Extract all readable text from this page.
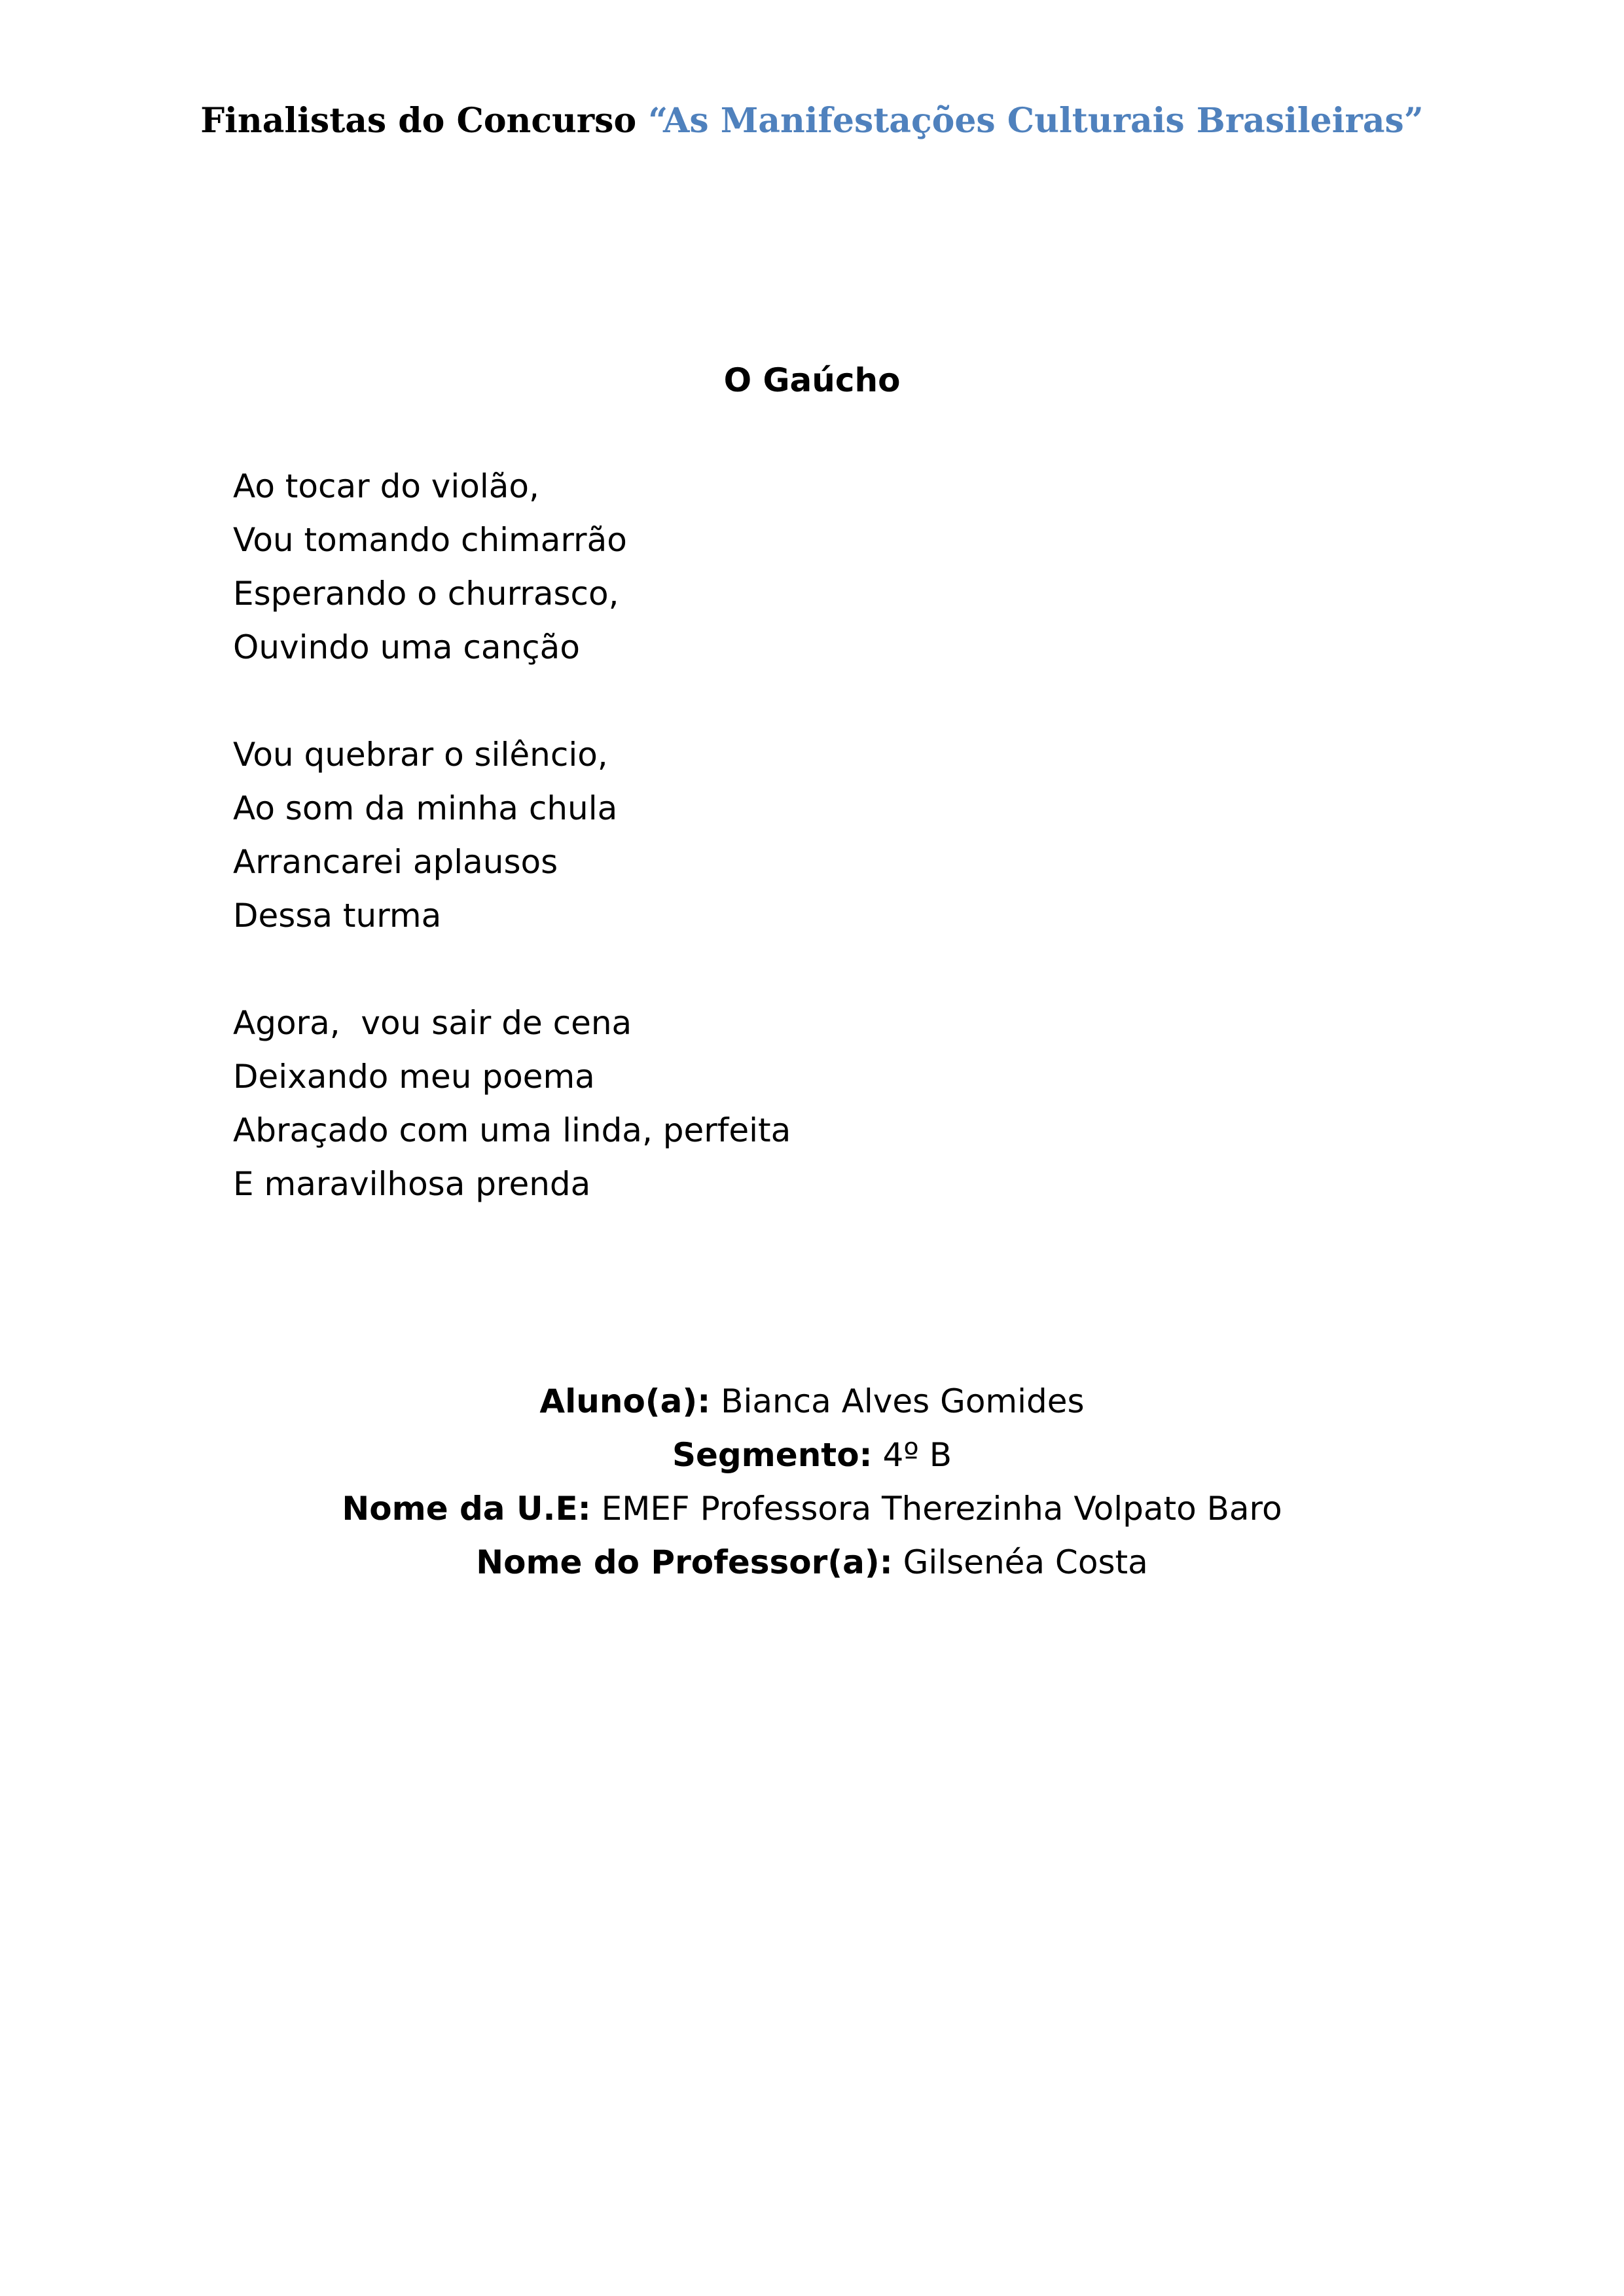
Finalistas do Concurso “As Manifestações Culturais Brasileiras”
O Gaúcho
Ao tocar do violão,
Vou tomando chimarrão
Esperando o churrasco,
Ouvindo uma canção
Vou quebrar o silêncio,
Ao som da minha chula
Arrancarei aplausos
Dessa turma
Agora,  vou sair de cena
Deixando meu poema
Abraçado com uma linda, perfeita
E maravilhosa prenda
Aluno(a): Bianca Alves Gomides
Segmento: 4º B
Nome da U.E: EMEF Professora Therezinha Volpato Baro
Nome do Professor(a): Gilsenéa Costa
